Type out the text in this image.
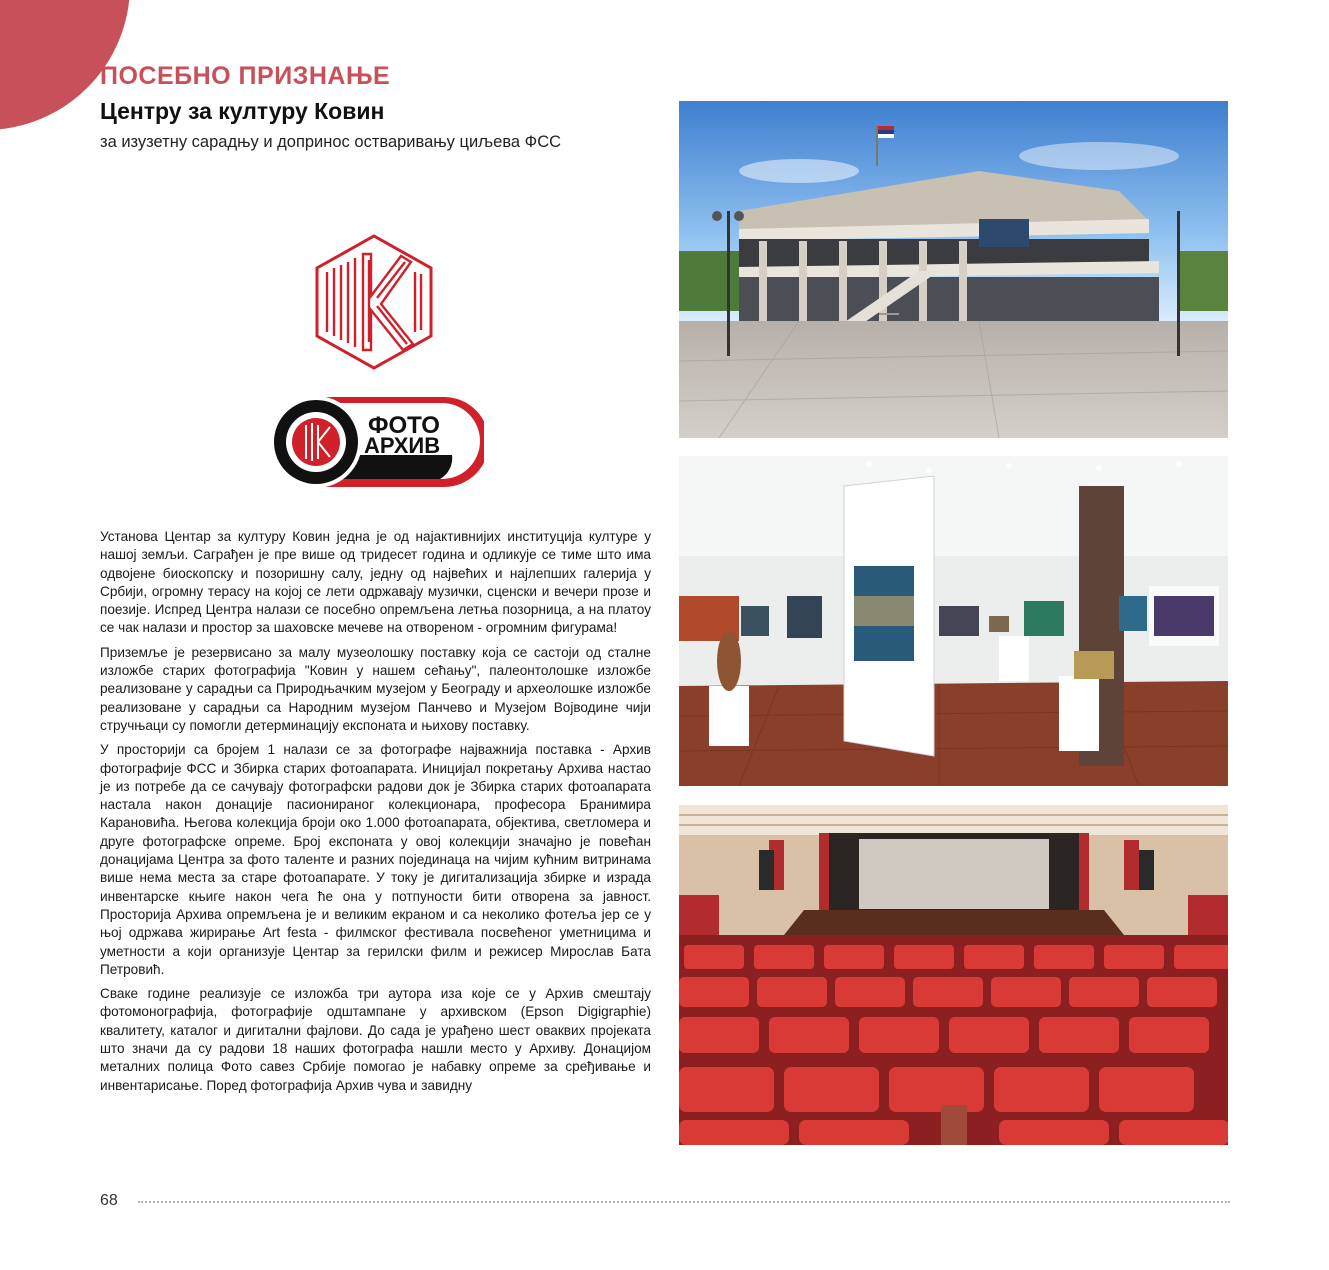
ПОСЕБНО ПРИЗНАЊЕ
Центру за културу Ковин
за изузетну сарадњу и допринос остваривању циљева ФСС
ФОТО
АРХИВ

Установа Центар за културу Ковин једна је од најактивнијих институција културе у нашој земљи. Саграђен је пре више од тридесет година и одликује се тиме што има одвојене биоскопску и позоришну салу, једну од највећих и најлепших галерија у Србији, огромну терасу на којој се лети одржавају музички, сценски и вечери прозе и поезије. Испред Центра налази се посебно опремљена летња позорница, а на платоу се чак налази и простор за шаховске мечеве на отвореном - огромним фигурама!

Приземље је резервисано за малу музеолошку поставку која се састоји од сталне изложбе старих фотографија "Ковин у нашем сећању", палеонтолошке изложбе реализоване у сарадњи са Природњачким музејом у Београду и археолошке изложбе реализоване у сарадњи са Народним музејом Панчево и Музејом Војводине чији стручњаци су помогли детерминацију експоната и њихову поставку.

У просторији са бројем 1 налази се за фотографе најважнија поставка - Архив фотографије ФСС и Збирка старих фотоапарата. Иницијал покретању Архива настао је из потребе да се сачувају фотографски радови док је Збирка старих фотоапарата настала након донације пасионираног колекционара, професора Бранимира Карановића. Његова колекција броји око 1.000 фотоапарата, објектива, светломера и друге фотографске опреме. Број експоната у овој колекцији значајно је повећан донацијама Центра за фото таленте и разних појединаца на чијим кућним витринама више нема места за старе фотоапарате. У току је дигитализација збирке и израда инвентарске књиге након чега ће она у потпуности бити отворена за јавност. Просторија Архива опремљена је и великим екраном и са неколико фотеља јер се у њој одржава жирирање Art festa - филмског фестивала посвећеног уметницима и уметности а који организује Центар за герилски филм и режисер Мирослав Бата Петровић.

Сваке године реализује се изложба три аутора иза које се у Архив смештају фотомонографија, фотографије одштампане у архивском (Epson Digigraphie) квалитету, каталог и дигитални фајлови. До сада је урађено шест оваквих пројеката што значи да су радови 18 наших фотографа нашли место у Архиву. Донацијом металних полица Фото савез Србије помогао је набавку опреме за сређивање и инвентарисање. Поред фотографија Архив чува и завидну

68
